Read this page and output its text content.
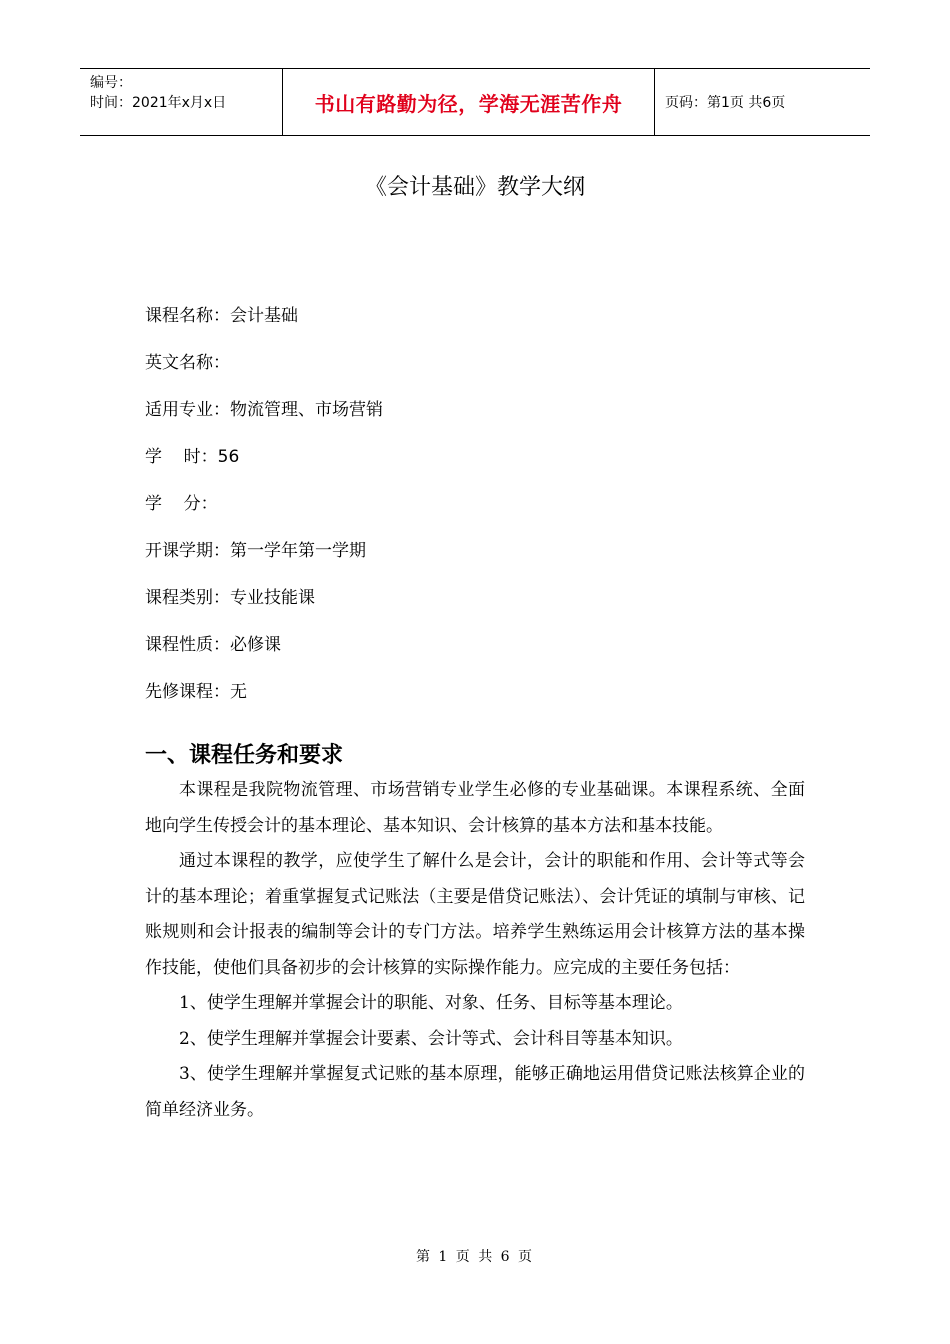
编号：
时间：2021年x月x日	书山有路勤为径，学海无涯苦作舟	页码：第1页 共6页
《会计基础》教学大纲
课程名称： 会计基础
英文名称：
适用专业： 物流管理、市场营销
学    时： 56
学    分：
开课学期： 第一学年第一学期
课程类别： 专业技能课
课程性质： 必修课
先修课程： 无
一、课程任务和要求

本课程是我院物流管理、市场营销专业学生必修的专业基础课。本课程系统、全面地向学生传授会计的基本理论、基本知识、会计核算的基本方法和基本技能。

通过本课程的教学，应使学生了解什么是会计，会计的职能和作用、会计等式等会计的基本理论；着重掌握复式记账法（主要是借贷记账法）、会计凭证的填制与审核、记账规则和会计报表的编制等会计的专门方法。培养学生熟练运用会计核算方法的基本操作技能，使他们具备初步的会计核算的实际操作能力。应完成的主要任务包括：

1、使学生理解并掌握会计的职能、对象、任务、目标等基本理论。

2、使学生理解并掌握会计要素、会计等式、会计科目等基本知识。

3、使学生理解并掌握复式记账的基本原理，能够正确地运用借贷记账法核算企业的简单经济业务。

第 1 页 共 6 页
